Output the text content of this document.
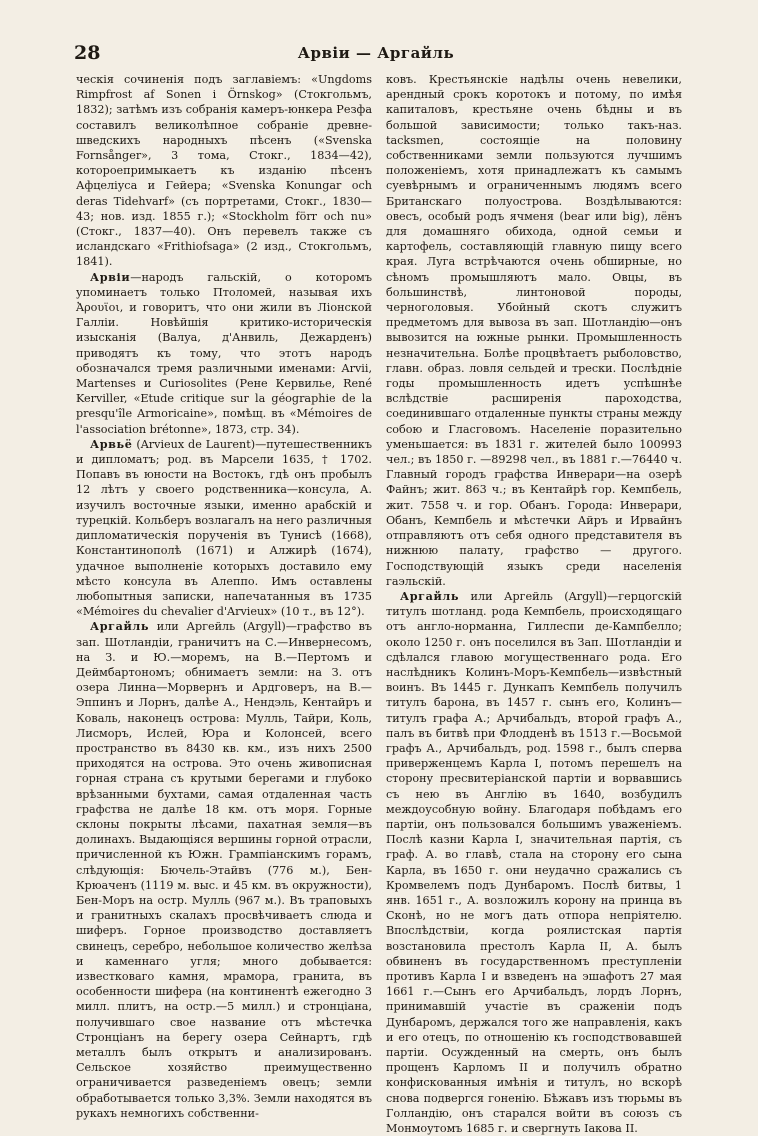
28	Арвіи — Аргайль

ческія сочиненія подъ заглавіемъ: «Ungdoms Rimpfrost af Sonen i Örnskog» (Стокгольмъ, 1832); затѣмъ изъ собранія камеръ-юнкера Резфа составилъ великолѣпное собраніе древне-шведскихъ народныхъ пѣсенъ («Svenska Fornsånger», 3 тома, Стокг., 1834—42), котороепримыкаетъ къ изданію пѣсенъ Афцеліуса и Гейера; «Svenska Konungar och deras Tidehvarf» (съ портретами, Стокг., 1830—43; нов. изд. 1855 г.); «Stockholm förr och nu» (Стокг., 1837—40). Онъ перевелъ также съ исландскаго «Frithiofsaga» (2 изд., Стокгольмъ, 1841).

Арвіи—народъ гальскій, о которомъ упоминаетъ только Птоломей, называя ихъ Ἀρουϊοι, и говоритъ, что они жили въ Ліонской Галліи. Новѣйшія критико-историческія изысканія (Валуа, д'Анвиль, Дежарденъ) приводятъ къ тому, что этотъ народъ обозначался тремя различными именами: Arvii, Martenses и Curiosolites (Рене Кервилье, René Kerviller, «Etude critique sur la géographie de la presqu'île Armoricaine», помѣщ. въ «Mémoires de l'association brétonne», 1873, стр. 34).

Арвьё (Arvieux de Laurent)—путешественникъ и дипломатъ; род. въ Марсели 1635, † 1702. Попавъ въ юности на Востокъ, гдѣ онъ пробылъ 12 лѣтъ у своего родственника—консула, А. изучилъ восточные языки, именно арабскій и турецкій. Кольберъ возлагалъ на него различныя дипломатическія порученія въ Тунисѣ (1668), Константинополѣ (1671) и Алжирѣ (1674), удачное выполненіе которыхъ доставило ему мѣсто консула въ Алеппо. Имъ оставлены любопытныя записки, напечатанныя въ 1735 «Mémoires du chevalier d'Arvieux» (10 т., въ 12°).

Аргайль или Аргейль (Argyll)—графство въ зап. Шотландіи, граничитъ на С.—Инвернесомъ, на З. и Ю.—моремъ, на В.—Пертомъ и Деймбартономъ; обнимаетъ земли: на З. отъ озера Линна—Морвернъ и Ардговеръ, на В.—Эппинъ и Лорнъ, далѣе А., Нендэль, Кентайръ и Коваль, наконецъ острова: Мулль, Тайри, Коль, Лисморъ, Ислей, Юра и Колонсей, всего пространство въ 8430 кв. км., изъ нихъ 2500 приходятся на острова. Это очень живописная горная страна съ крутыми берегами и глубоко врѣзанными бухтами, самая отдаленная часть графства не далѣе 18 км. отъ моря. Горные склоны покрыты лѣсами, пахатная земля—въ долинахъ. Выдающіяся вершины горной отрасли, причисленной къ Южн. Грампіанскимъ горамъ, слѣдующія: Бючель-Этайвъ (776 м.), Бен-Крюаченъ (1119 м. выс. и 45 км. въ окружности), Бен-Моръ на остр. Мулль (967 м.). Въ траповыхъ и гранитныхъ скалахъ просвѣчиваетъ слюда и шиферъ. Горное производство доставляетъ свинецъ, серебро, небольшое количество желѣза и каменнаго угля; много добывается: известковаго камня, мрамора, гранита, въ особенности шифера (на континентѣ ежегодно 3 милл. плитъ, на остр.—5 милл.) и стронціана, получившаго свое название отъ мѣстечка Стронціанъ на берегу озера Сейнартъ, гдѣ металлъ былъ открытъ и анализированъ. Сельское хозяйство преимущественно ограничивается разведеніемъ овецъ; земли обработывается только 3,3%. Земли находятся въ рукахъ немногихъ собственни-

ковъ. Крестьянскіе надѣлы очень невелики, арендный срокъ коротокъ и потому, по имѣя капиталовъ, крестьяне очень бѣдны и въ большой зависимости; только такъ-наз. tacksmen, состоящіе на половину собственниками земли пользуются лучшимъ положеніемъ, хотя принадлежатъ къ самымъ суевѣрнымъ и ограниченнымъ людямъ всего Британскаго полуострова. Воздѣлываются: овесъ, особый родъ ячменя (bear или big), лёнъ для домашняго обихода, одной семьи и картофель, составляющій главную пищу всего края. Луга встрѣчаются очень обширные, но сѣномъ промышляютъ мало. Овцы, въ большинствѣ, линтоновой породы, черноголовыя. Убойный скотъ служитъ предметомъ для вывоза въ зап. Шотландію—онъ вывозится на южные рынки. Промышленность незначительна. Болѣе процвѣтаетъ рыболовство, главн. образ. ловля сельдей и трески. Послѣдніе годы промышленность идетъ успѣшнѣе вслѣдствіе расширенія пароходства, соединившаго отдаленные пункты страны между собою и Гласговомъ. Населеніе поразительно уменьшается: въ 1831 г. жителей было 100993 чел.; въ 1850 г. —89298 чел., въ 1881 г.—76440 ч. Главный городъ графства Инверари—на озерѣ Файнъ; жит. 863 ч.; въ Кентайрѣ гор. Кемпбель, жит. 7558 ч. и гор. Обанъ. Города: Инверари, Обанъ, Кемпбель и мѣстечки Айръ и Ирвайнъ отправляютъ отъ себя одного представителя въ нижнюю палату, графство — другого. Господствующій языкъ среди населенія гаэльскій.

Аргайль или Аргейль (Argyll)—герцогскій титулъ шотланд. рода Кемпбель, происходящаго отъ англо-норманна, Гиллеспи де-Кампбелло; около 1250 г. онъ поселился въ Зап. Шотландіи и сдѣлался главою могущественнаго рода. Его наслѣдникъ Колинъ-Моръ-Кемпбель—извѣстный воинъ. Въ 1445 г. Дункапъ Кемпбель получилъ титулъ барона, въ 1457 г. сынъ его, Колинъ—титулъ графа А.; Арчибальдъ, второй графъ А., палъ въ битвѣ при Флодденѣ въ 1513 г.—Восьмой графъ А., Арчибальдъ, род. 1598 г., былъ сперва приверженцемъ Карла I, потомъ перешелъ на сторону пресвитеріанской партіи и ворвавшись съ нею въ Англію въ 1640, возбудилъ междоусобную войну. Благодаря побѣдамъ его партіи, онъ пользовался большимъ уваженіемъ. Послѣ казни Карла I, значительная партія, съ граф. А. во главѣ, стала на сторону его сына Карла, въ 1650 г. они неудачно сражались съ Кромвелемъ подъ Дунбаромъ. Послѣ битвы, 1 янв. 1651 г., А. возложилъ корону на принца въ Сконѣ, но не могъ дать отпора непріятелю. Впослѣдствіи, когда роялистская партія возстановила престолъ Карла II, А. былъ обвиненъ въ государственномъ преступленіи противъ Карла I и взведенъ на эшафотъ 27 мая 1661 г.—Сынъ его Арчибальдъ, лордъ Лорнъ, принимавшій участіе въ сраженіи подъ Дунбаромъ, держался того же направленія, какъ и его отецъ, по отношенію къ господствовавшей партіи. Осужденный на смерть, онъ былъ прощенъ Карломъ II и получилъ обратно конфискованныя имѣнія и титулъ, но вскорѣ снова подвергся гоненію. Бѣжавъ изъ тюрьмы въ Голландію, онъ старался войти въ союзъ съ Монмоутомъ 1685 г. и свергнуть Іакова II.
